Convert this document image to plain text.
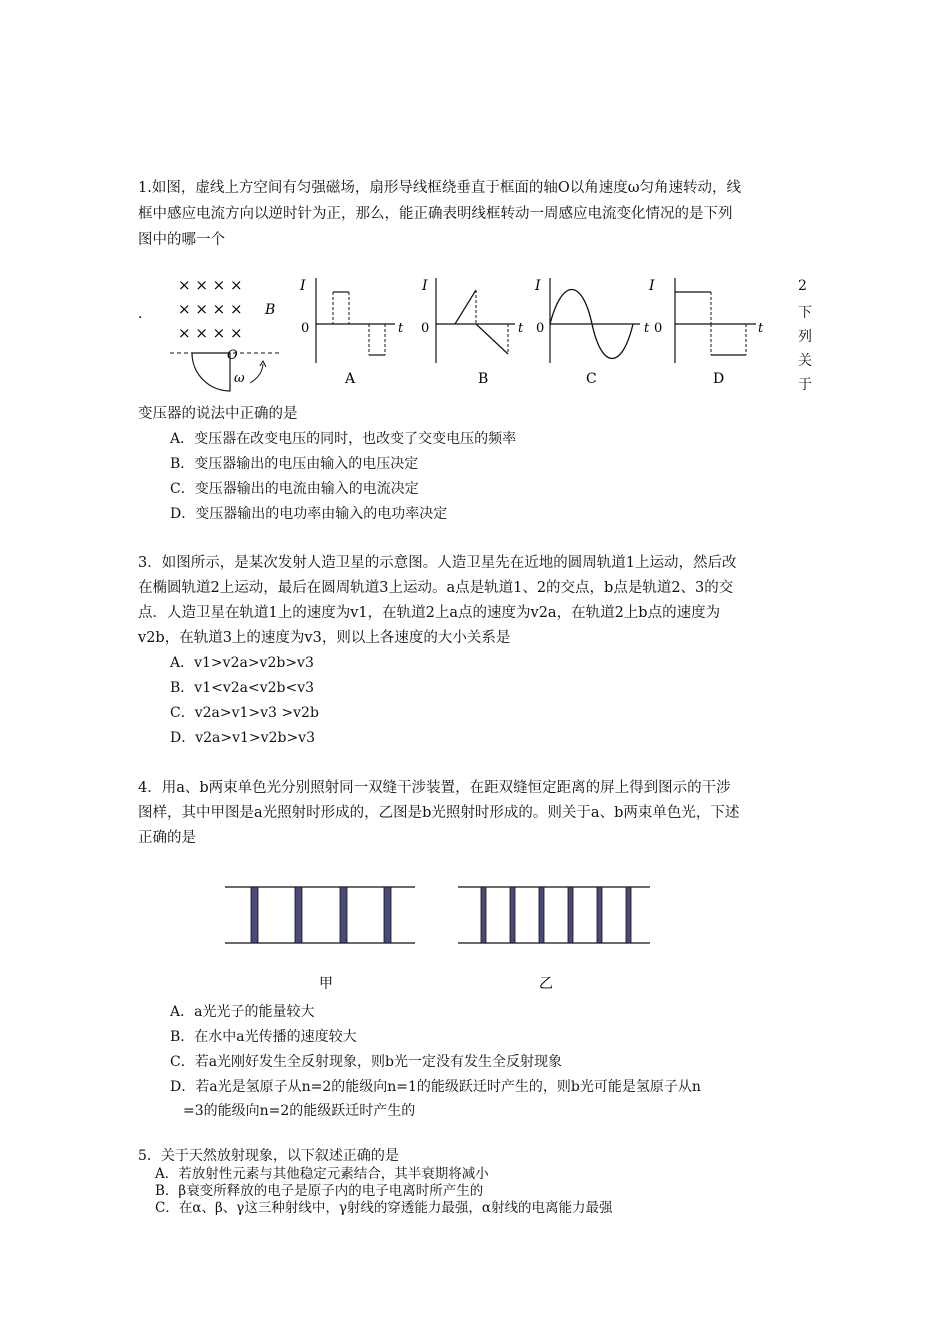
1.如图，虚线上方空间有匀强磁场，扇形导线框绕垂直于框面的轴O以角速度ω匀角速转动，线
框中感应电流方向以逆时针为正，那么，能正确表明线框转动一周感应电流变化情况的是下列
图中的哪一个
.
× × × ×
× × × × B
× × × ×
O
ω
I
0	t
A
I
0	t
B
I
0	t
C
I
0	t
D
2
下
列
关
于
变压器的说法中正确的是
A．变压器在改变电压的同时，也改变了交变电压的频率
B．变压器输出的电压由输入的电压决定
C．变压器输出的电流由输入的电流决定
D．变压器输出的电功率由输入的电功率决定
3．如图所示，是某次发射人造卫星的示意图。人造卫星先在近地的圆周轨道1上运动，然后改
在椭圆轨道2上运动，最后在圆周轨道3上运动。a点是轨道1、2的交点，b点是轨道2、3的交
点．人造卫星在轨道1上的速度为v1，在轨道2上a点的速度为v2a，在轨道2上b点的速度为
v2b，在轨道3上的速度为v3，则以上各速度的大小关系是
A．v1>v2a>v2b>v3
B．v1<v2a<v2b<v3
C．v2a>v1>v3 >v2b
D．v2a>v1>v2b>v3
4．用a、b两束单色光分别照射同一双缝干涉装置，在距双缝恒定距离的屏上得到图示的干涉
图样，其中甲图是a光照射时形成的，乙图是b光照射时形成的。则关于a、b两束单色光，下述
正确的是
甲	乙
A．a光光子的能量较大
B．在水中a光传播的速度较大
C．若a光刚好发生全反射现象，则b光一定没有发生全反射现象
D．若a光是氢原子从n=2的能级向n=1的能级跃迁时产生的，则b光可能是氢原子从n
=3的能级向n=2的能级跃迁时产生的
5．关于天然放射现象，以下叙述正确的是
A．若放射性元素与其他稳定元素结合，其半衰期将减小
B．β衰变所释放的电子是原子内的电子电离时所产生的
C．在α、β、γ这三种射线中，γ射线的穿透能力最强，α射线的电离能力最强
